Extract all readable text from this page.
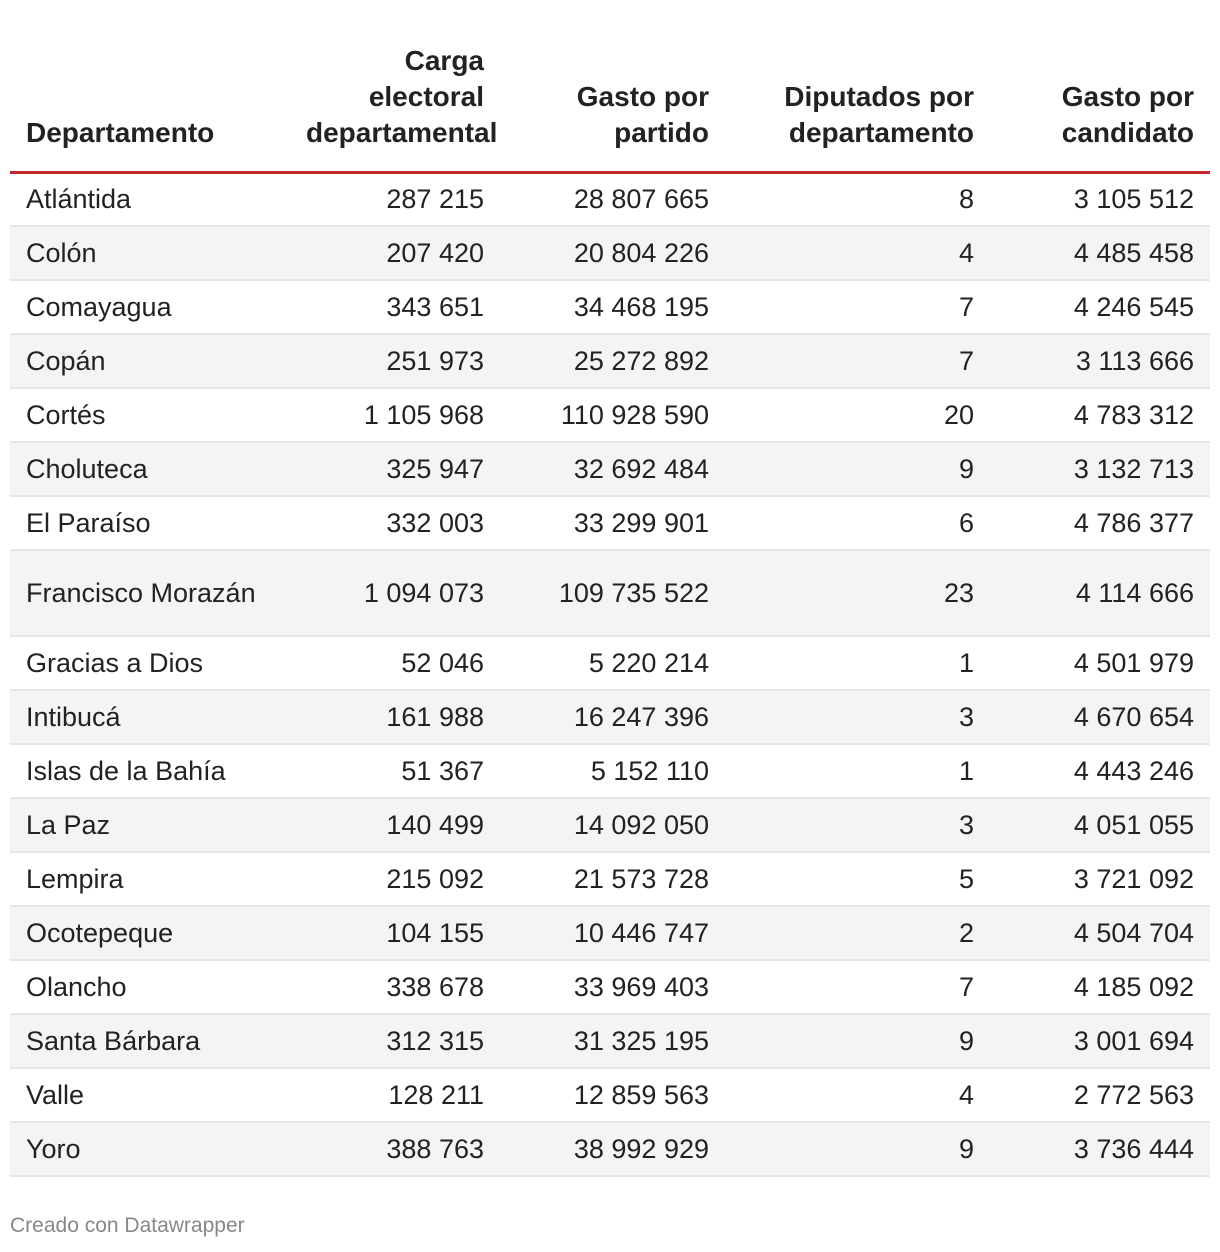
Departamento	Carga electoral departamental	Gasto por partido	Diputados por departamento	Gasto por candidato
Atlántida	287 215	28 807 665	8	3 105 512
Colón	207 420	20 804 226	4	4 485 458
Comayagua	343 651	34 468 195	7	4 246 545
Copán	251 973	25 272 892	7	3 113 666
Cortés	1 105 968	110 928 590	20	4 783 312
Choluteca	325 947	32 692 484	9	3 132 713
El Paraíso	332 003	33 299 901	6	4 786 377
Francisco Morazán	1 094 073	109 735 522	23	4 114 666
Gracias a Dios	52 046	5 220 214	1	4 501 979
Intibucá	161 988	16 247 396	3	4 670 654
Islas de la Bahía	51 367	5 152 110	1	4 443 246
La Paz	140 499	14 092 050	3	4 051 055
Lempira	215 092	21 573 728	5	3 721 092
Ocotepeque	104 155	10 446 747	2	4 504 704
Olancho	338 678	33 969 403	7	4 185 092
Santa Bárbara	312 315	31 325 195	9	3 001 694
Valle	128 211	12 859 563	4	2 772 563
Yoro	388 763	38 992 929	9	3 736 444
Creado con Datawrapper
